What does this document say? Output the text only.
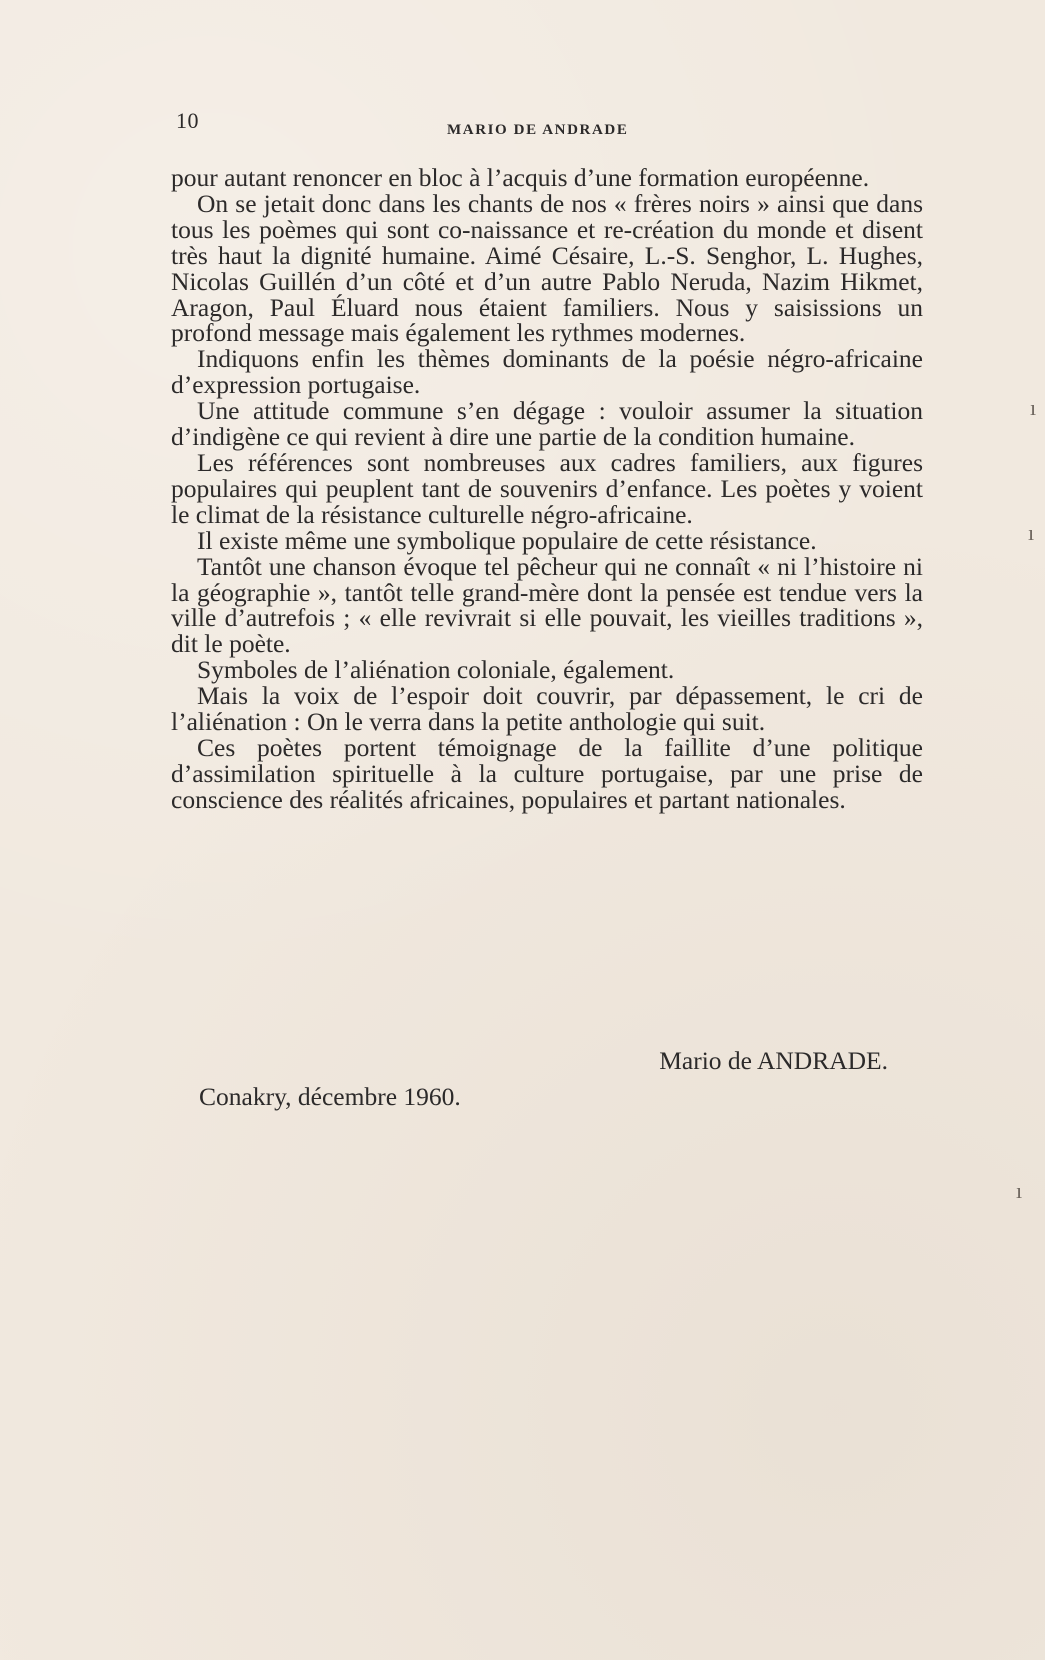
10	MARIO DE ANDRADE

pour autant renoncer en bloc à l’acquis d’une formation européenne.

On se jetait donc dans les chants de nos « frères noirs » ainsi que dans tous les poèmes qui sont co-naissance et re-création du monde et disent très haut la dignité humaine. Aimé Césaire, L.-S. Senghor, L. Hughes, Nicolas Guillén d’un côté et d’un autre Pablo Neruda, Nazim Hikmet, Aragon, Paul Éluard nous étaient familiers. Nous y saisissions un profond message mais également les rythmes modernes.

Indiquons enfin les thèmes dominants de la poésie négro-africaine d’expression portugaise.

Une attitude commune s’en dégage : vouloir assumer la situation d’indigène ce qui revient à dire une partie de la condition humaine.

Les références sont nombreuses aux cadres familiers, aux figures populaires qui peuplent tant de souvenirs d’enfance. Les poètes y voient le climat de la résistance culturelle négro-africaine.

Il existe même une symbolique populaire de cette résistance.

Tantôt une chanson évoque tel pêcheur qui ne connaît « ni l’histoire ni la géographie », tantôt telle grand-mère dont la pensée est tendue vers la ville d’autrefois ; « elle revivrait si elle pouvait, les vieilles traditions », dit le poète.

Symboles de l’aliénation coloniale, également.

Mais la voix de l’espoir doit couvrir, par dépassement, le cri de l’aliénation : On le verra dans la petite anthologie qui suit.

Ces poètes portent témoignage de la faillite d’une politique d’assimilation spirituelle à la culture portugaise, par une prise de conscience des réalités africaines, populaires et partant nationales.

Mario de ANDRADE.
Conakry, décembre 1960.
ı
ı
ı
